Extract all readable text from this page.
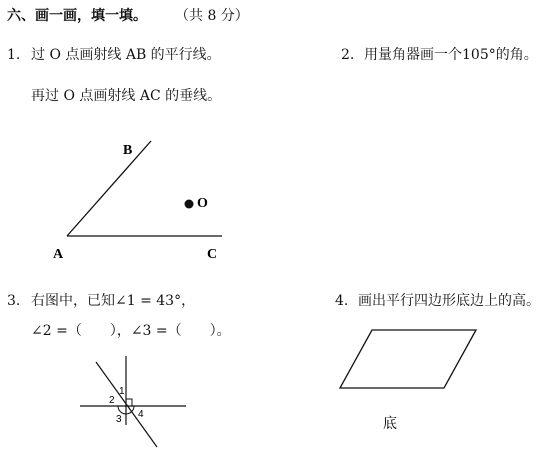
六、画一画，填一填。 （共 8 分）
1. 过 O 点画射线 AB 的平行线。
再过 O 点画射线 AC 的垂线。
2. 用量角器画一个105°的角。
3. 右图中，已知∠1 = 43°，
∠2 =（　　），∠3 =（　　）。
4. 画出平行四边形底边上的高。
B
O
A	C
1
2
3 4
底
